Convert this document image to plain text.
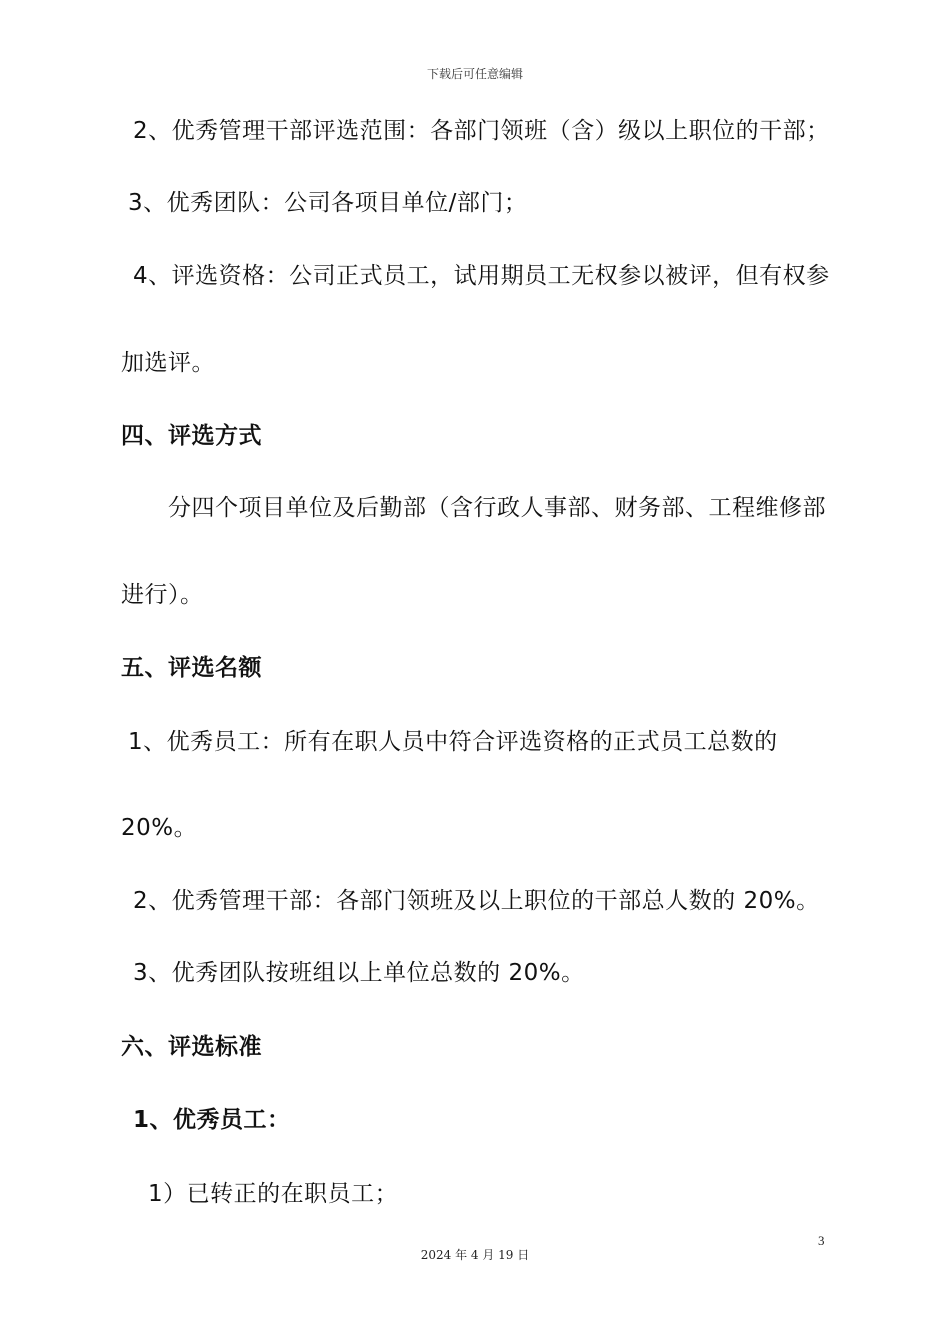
下载后可任意编辑
2、优秀管理干部评选范围：各部门领班（含）级以上职位的干部；
3、优秀团队：公司各项目单位/部门；
4、评选资格：公司正式员工，试用期员工无权参以被评，但有权参
加选评。
四、评选方式
分四个项目单位及后勤部（含行政人事部、财务部、工程维修部
进行）。
五、评选名额
1、优秀员工：所有在职人员中符合评选资格的正式员工总数的
20%。
2、优秀管理干部：各部门领班及以上职位的干部总人数的 20%。
3、优秀团队按班组以上单位总数的 20%。
六、评选标准
1、优秀员工：
1）已转正的在职员工；
3
2024 年 4 月 19 日
